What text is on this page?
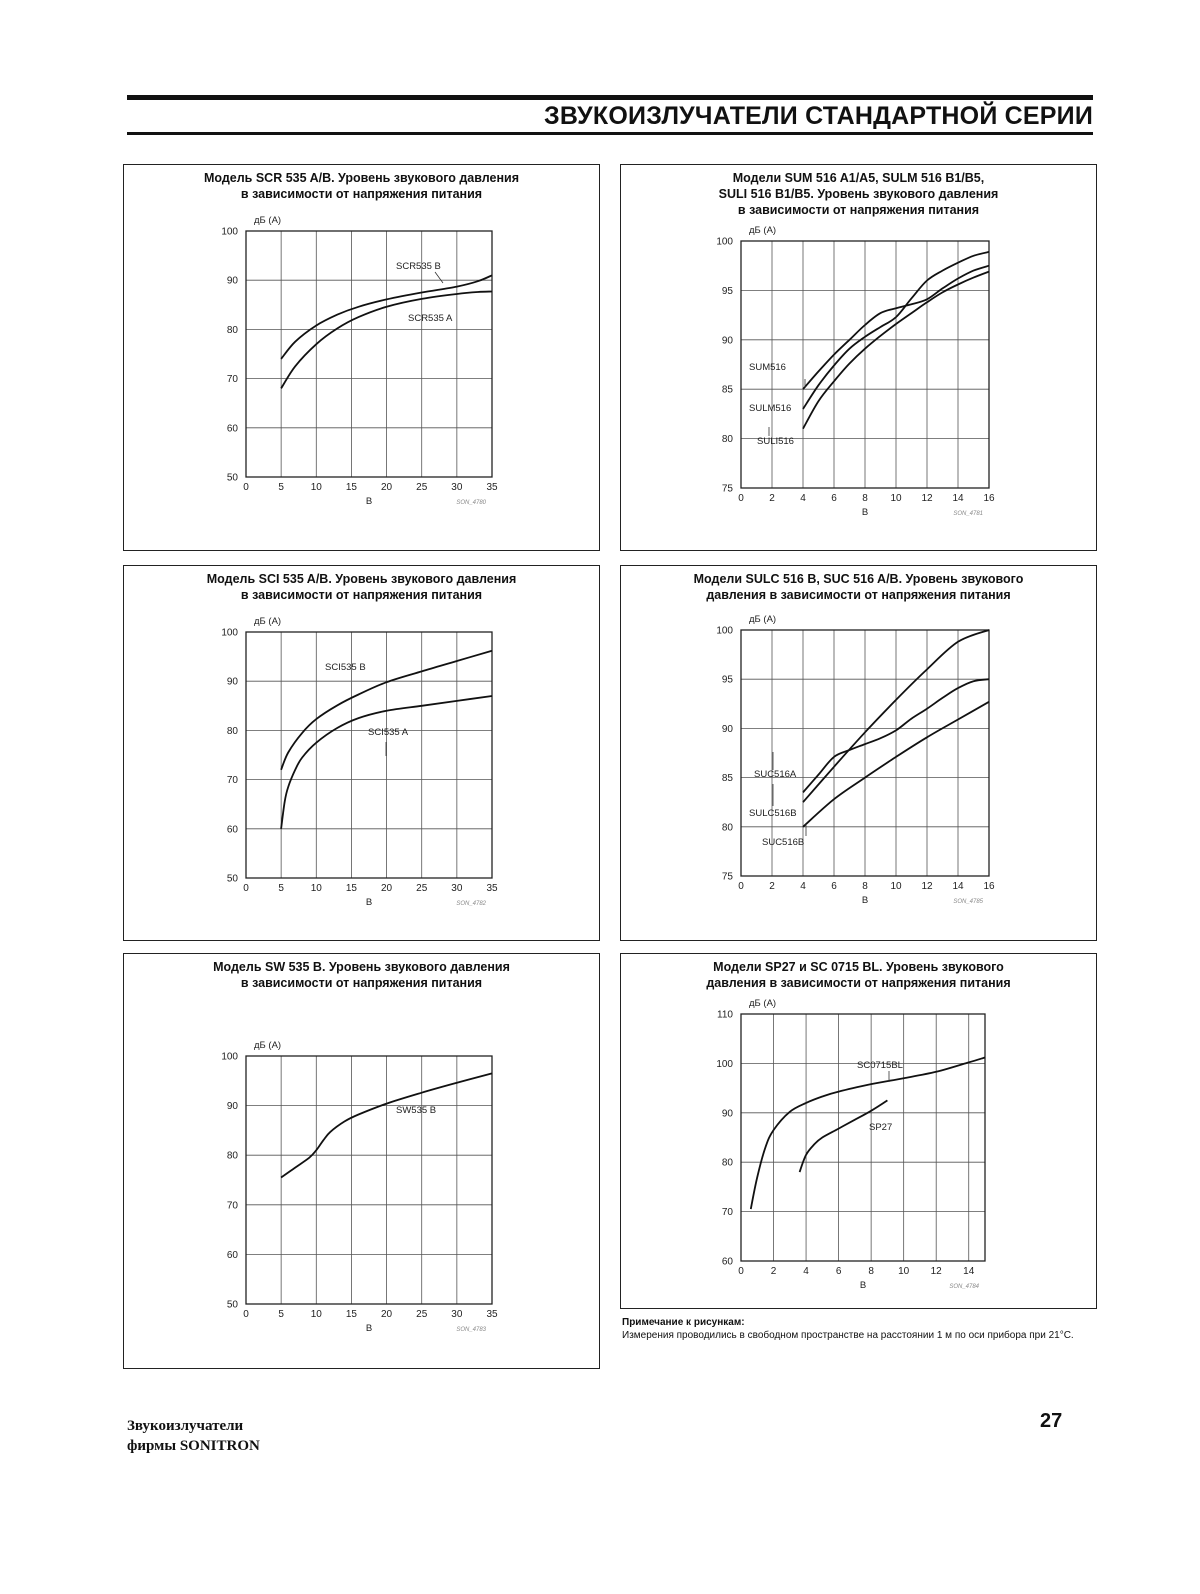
ЗВУКОИЗЛУЧАТЕЛИ СТАНДАРТНОЙ СЕРИИ
Модель SCR 535 A/B. Уровень звукового давления
в зависимости от напряжения питания
0	5	10 15 20 25 30 35
50
60
70
80
90
100
дБ (А)
В	SON_4780
SCR535 B
SCR535 A
Модели SUM 516 A1/A5, SULM 516 B1/B5,
SULI 516 B1/B5. Уровень звукового давления
в зависимости от напряжения питания
0	2	4	6	8 10 12 14 16
75
80
85
90
95
100
дБ (А)
В	SON_4781
SUM516
SULM516
SULI516
Модель SCI 535 A/B. Уровень звукового давления
в зависимости от напряжения питания
0	5	10 15 20 25 30 35
50
60
70
80
90
100
дБ (А)
В	SON_4782
SCI535 B
SCI535 A
Модели SULC 516 B, SUC 516 A/B. Уровень звукового
давления в зависимости от напряжения питания
0	2	4	6	8 10 12 14 16
75
80
85
90
95
100
дБ (А)
В	SON_4785
SUC516A
SULC516B
SUC516B
Модель SW 535 B. Уровень звукового давления
в зависимости от напряжения питания
0	5	10 15 20 25 30 35
50
60
70
80
90
100
дБ (А)
В	SON_4783
SW535 B
Модели SP27 и SC 0715 BL. Уровень звукового
давления в зависимости от напряжения питания
0	2	4	6	8 10 12 14
60
70
80
90
100
110
дБ (А)
В	SON_4784
SC0715BL
SP27
Примечание к рисункам:
Измерения проводились в свободном пространстве на расстоянии 1 м по оси прибора при 21°С.
Звукоизлучатели
фирмы SONITRON
27
